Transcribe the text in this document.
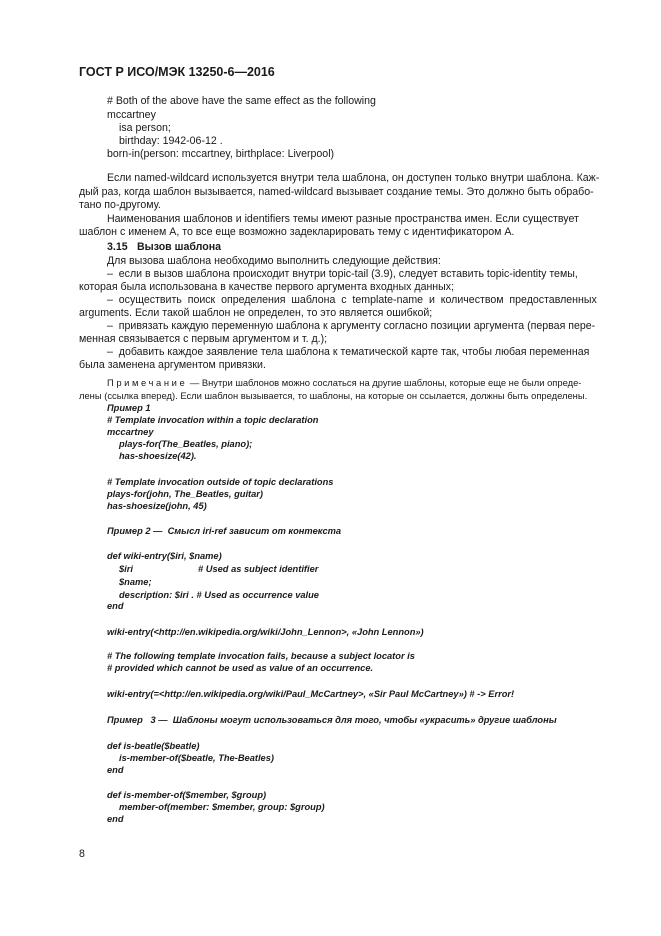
ГОСТ Р ИСО/МЭК 13250-6—2016
# Both of the above have the same effect as the following
mccartney
isa person;
birthday: 1942-06-12 .
born-in(person: mccartney, birthplace: Liverpool)
Если named-wildcard используется внутри тела шаблона, он доступен только внутри шаблона. Каж-
дый раз, когда шаблон вызывается, named-wildcard вызывает создание темы. Это должно быть обрабо-
тано по-другому.
Наименования шаблонов и identifiers темы имеют разные пространства имен. Если существует
шаблон с именем А, то все еще возможно задекларировать тему с идентификатором А.
3.15 Вызов шаблона
Для вызова шаблона необходимо выполнить следующие действия:
–  если в вызов шаблона происходит внутри topic-tail (3.9), следует вставить topic-identity темы,
которая была использована в качестве первого аргумента входных данных;
–  осуществить  поиск  определения  шаблона  с  template-name  и  количеством  предоставленных
arguments. Если такой шаблон не определен, то это является ошибкой;
–  привязать каждую переменную шаблона к аргументу согласно позиции аргумента (первая пере-
менная связывается с первым аргументом и т. д.);
–  добавить каждое заявление тела шаблона к тематической карте так, чтобы любая переменная
была заменена аргументом привязки.
Примечание — Внутри шаблонов можно сослаться на другие шаблоны, которые еще не были опреде-
лены (ссылка вперед). Если шаблон вызывается, то шаблоны, на которые он ссылается, должны быть определены.
Пример 1
# Template invocation within a topic declaration
mccartney
plays-for(The_Beatles, piano);
has-shoesize(42).
# Template invocation outside of topic declarations
plays-for(john, The_Beatles, guitar)
has-shoesize(john, 45)
Пример 2 —  Смысл iri-ref зависит от контекста
def wiki-entry($iri, $name)
$iri	# Used as subject identifier
$name;
description: $iri . # Used as occurrence value
end
wiki-entry(<http://en.wikipedia.org/wiki/John_Lennon>, «John Lennon»)
# The following template invocation fails, because a subject locator is
# provided which cannot be used as value of an occurrence.
wiki-entry(=<http://en.wikipedia.org/wiki/Paul_McCartney>, «Sir Paul McCartney») # -> Error!
Пример   3 —  Шаблоны могут использоваться для того, чтобы «украсить» другие шаблоны
def is-beatle($beatle)
is-member-of($beatle, The-Beatles)
end
def is-member-of($member, $group)
member-of(member: $member, group: $group)
end
8
